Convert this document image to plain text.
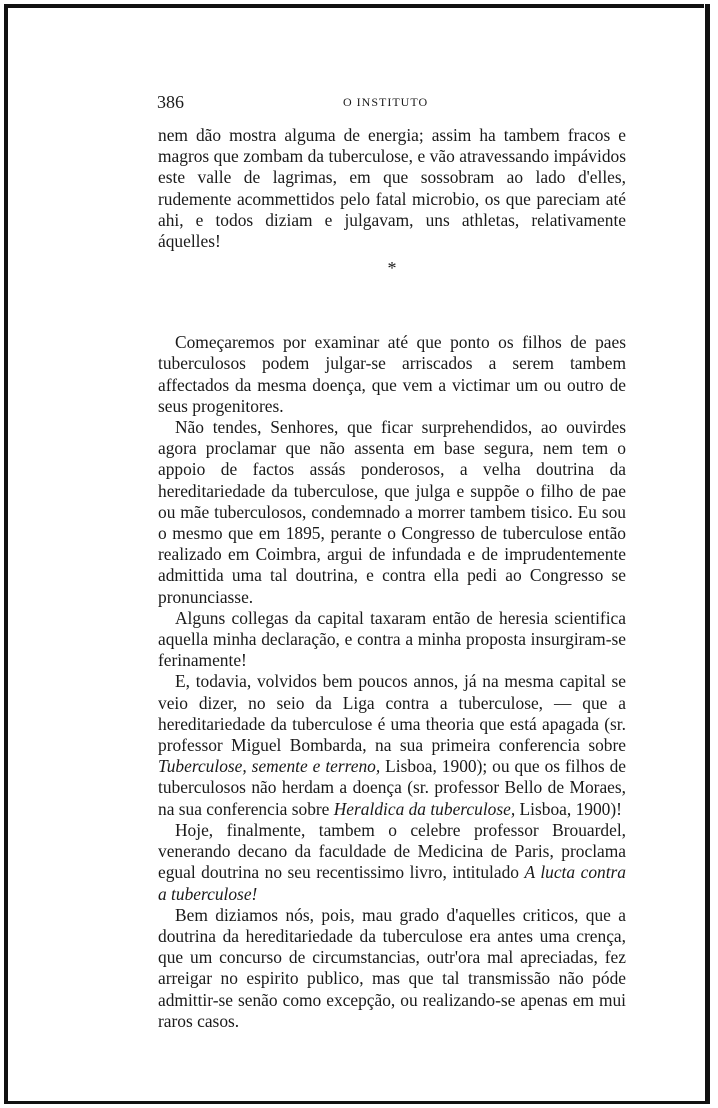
386	O INSTITUTO

nem dão mostra alguma de energia; assim ha tambem fracos e magros que zombam da tuberculose, e vão atravessando impávidos este valle de lagrimas, em que sossobram ao lado d'elles, rudemente acommettidos pelo fatal microbio, os que pareciam até ahi, e todos diziam e julgavam, uns athletas, relativamente áquelles!

*

Começaremos por examinar até que ponto os filhos de paes tuberculosos podem julgar-se arriscados a serem tambem affectados da mesma doença, que vem a victimar um ou outro de seus progenitores.

Não tendes, Senhores, que ficar surprehendidos, ao ouvirdes agora proclamar que não assenta em base segura, nem tem o appoio de factos assás ponderosos, a velha doutrina da hereditariedade da tuberculose, que julga e suppõe o filho de pae ou mãe tuberculosos, condemnado a morrer tambem tisico. Eu sou o mesmo que em 1895, perante o Congresso de tuberculose então realizado em Coimbra, argui de infundada e de imprudentemente admittida uma tal doutrina, e contra ella pedi ao Congresso se pronunciasse.

Alguns collegas da capital taxaram então de heresia scientifica aquella minha declaração, e contra a minha proposta insurgiram-se ferinamente!

E, todavia, volvidos bem poucos annos, já na mesma capital se veio dizer, no seio da Liga contra a tuberculose, — que a hereditariedade da tuberculose é uma theoria que está apagada (sr. professor Miguel Bombarda, na sua primeira conferencia sobre Tuberculose, semente e terreno, Lisboa, 1900); ou que os filhos de tuberculosos não herdam a doença (sr. professor Bello de Moraes, na sua conferencia sobre Heraldica da tuberculose, Lisboa, 1900)!

Hoje, finalmente, tambem o celebre professor Brouardel, venerando decano da faculdade de Medicina de Paris, proclama egual doutrina no seu recentissimo livro, intitulado A lucta contra a tuberculose!

Bem diziamos nós, pois, mau grado d'aquelles criticos, que a doutrina da hereditariedade da tuberculose era antes uma crença, que um concurso de circumstancias, outr'ora mal apreciadas, fez arreigar no espirito publico, mas que tal transmissão não póde admittir-se senão como excepção, ou realizando-se apenas em mui raros casos.
